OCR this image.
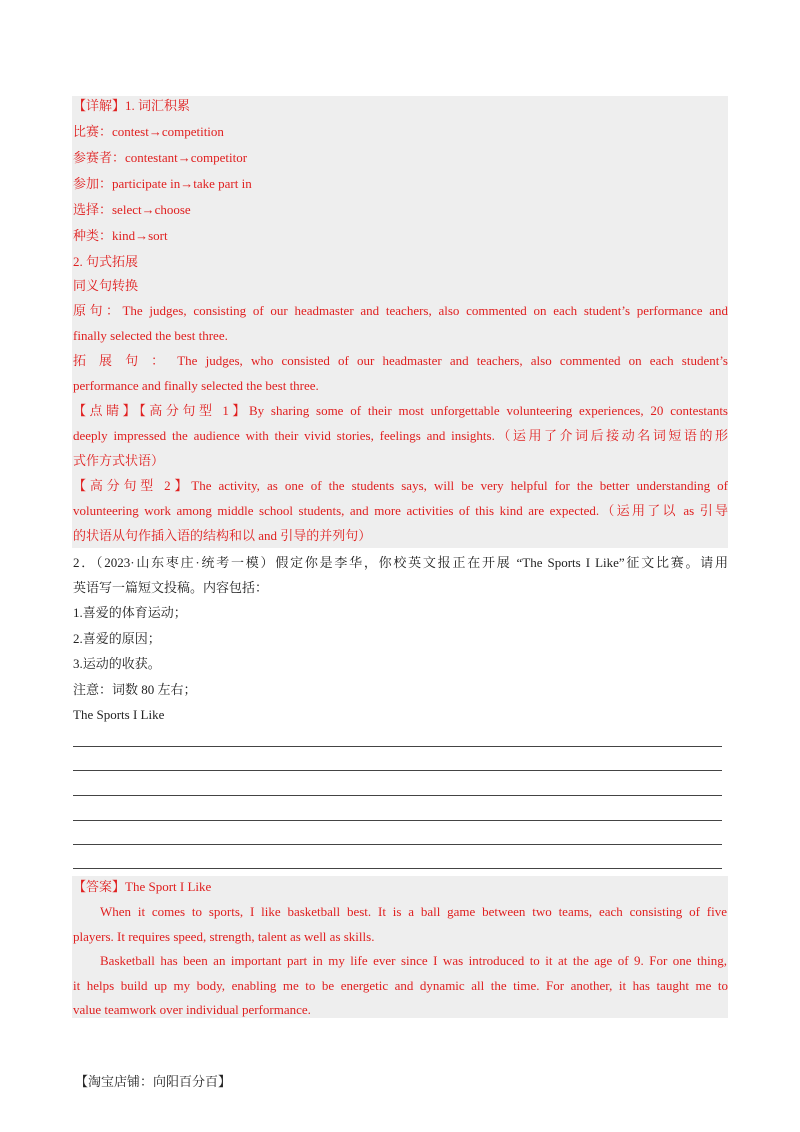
【详解】1. 词汇积累
比赛：contest→competition
参赛者：contestant→competitor
参加：participate in→take part in
选择：select→choose
种类：kind→sort
2. 句式拓展
同义句转换
原句：The judges, consisting of our headmaster and teachers, also commented on each student’s performance and
finally selected the best three.
拓 展 句 ： The judges, who consisted of our headmaster and teachers, also commented on each student’s
performance and finally selected the best three.
【点睛】【高分句型 1】By sharing some of their most unforgettable volunteering experiences, 20 contestants
deeply impressed the audience with their vivid stories, feelings and insights.（运用了介词后接动名词短语的形
式作方式状语）
【高分句型 2】The activity, as one of the students says, will be very helpful for the better understanding of
volunteering work among middle school students, and more activities of this kind are expected.（运用了以 as 引导
的状语从句作插入语的结构和以 and 引导的并列句）
2．（2023·山东枣庄·统考一模）假定你是李华，你校英文报正在开展 “The Sports I Like”征文比赛。请用
英语写一篇短文投稿。内容包括：
1.喜爱的体育运动；
2.喜爱的原因；
3.运动的收获。
注意：词数 80 左右；
The Sports I Like
【答案】The Sport I Like
When it comes to sports, I like basketball best. It is a ball game between two teams, each consisting of five
players. It requires speed, strength, talent as well as skills.
Basketball has been an important part in my life ever since I was introduced to it at the age of 9. For one thing,
it helps build up my body, enabling me to be energetic and dynamic all the time. For another, it has taught me to
value teamwork over individual performance.
【淘宝店铺：向阳百分百】
